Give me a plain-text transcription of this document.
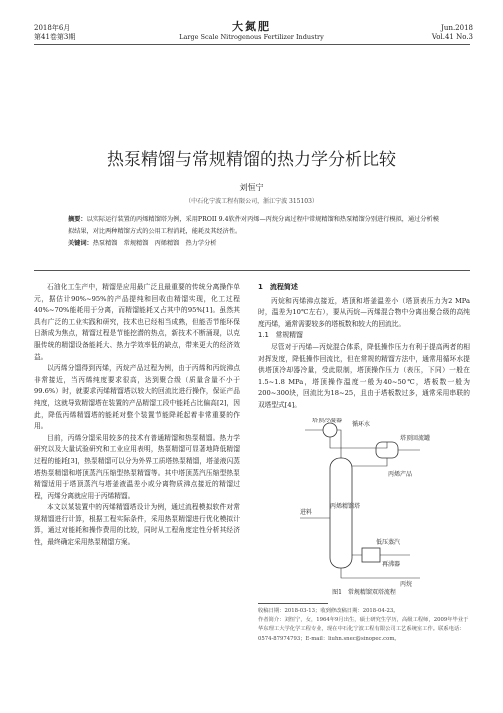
2018年6月
第41卷第3期
大氮肥
Large Scale Nitrogenous Fertilizer Industry
Jun.2018
Vol.41 No.3
热泵精馏与常规精馏的热力学分析比较
刘恒宁
（中石化宁波工程有限公司，浙江宁波 315103）
摘要：以实际运行装置的丙烯精馏塔为例，采用PROII 9.4软件对丙烯—丙烷分离过程中常规精馏和热泵精馏分别进行模拟，通过分析模拟结果，对比两种精馏方式的公用工程消耗，能耗及其经济性。
关键词：热泵精馏　常规精馏　丙烯精馏　热力学分析

石油化工生产中，精馏是应用最广泛且最重要的传统分离操作单元，据估计90%~95%的产品提纯和回收由精馏实现，化工过程40%~70%能耗用于分离，而精馏能耗又占其中的95%[1]。虽然其具有广泛的工业实践和研究，技术也已经相当成熟，但能否节能环保日渐成为焦点，精馏过程是节能挖潜的热点，新技术不断涌现，以克服传统的精馏设备能耗大、热力学效率低的缺点，带来更大的经济效益。

以丙烯分馏得到丙烯，丙烷产品过程为例，由于丙烯和丙烷沸点非常接近，当丙烯纯度要求很高，达到聚合级（质量含量不小于99.6%）时，就要求丙烯精馏塔以较大的回流比进行操作，保证产品纯度，这就导致精馏塔在装置的产品精馏工段中能耗占比偏高[2]，因此，降低丙烯精馏塔的能耗对整个装置节能降耗起着非常重要的作用。

目前，丙烯分馏采用较多的技术有普通精馏和热泵精馏。热力学研究以及大量试验研究和工业应用表明，热泵精馏可显著地降低精馏过程的能耗[3]，热泵精馏可以分为外界工质塔热泵精馏，塔釜液闪蒸塔热泵精馏和塔顶蒸汽压缩型热泵精馏等。其中塔顶蒸汽压缩型热泵精馏适用于塔顶蒸汽与塔釜液温差小或分离物质沸点接近的精馏过程，丙烯分离就应用于丙烯精馏。

本文以某装置中的丙烯精馏塔设计为例，通过流程模拟软件对常规精馏进行计算，根据工程实际条件，采用热泵精馏进行优化模拟计算，通过对能耗和操作费用的比较，同时从工程角度定性分析其经济性，最终确定采用热泵精馏方案。

1　流程简述

丙烷和丙烯沸点接近，塔顶和塔釜温差小（塔顶表压力为2 MPa时，温差为10℃左右），要从丙烷—丙烯混合物中分离出聚合级的高纯度丙烯，通常需要较多的塔板数和较大的回流比。

1.1　常规精馏

尽管对于丙烯—丙烷混合体系，降低操作压力有利于提高两者的相对挥发度，降低操作回流比，但在常规的精馏方法中，通常用循环水提供塔顶冷却器冷量，受此限制，塔顶操作压力（表压，下同）一般在1.5~1.8 MPa，塔顶操作温度一般为40~50℃，塔板数一般为200~300块，回流比为18~25，且由于塔板数过多，通常采用串联的双塔型式[4]。

塔顶冷凝器
循环水
塔顶回流罐
丙烯产品
丙烯精馏塔
进料
低压蒸汽
再沸器
丙烷
图1　常规精馏双塔流程
收稿日期：2018-03-13；收到修改稿日期：2018-04-23。
作者简介：刘恒宁，女，1964年9月出生，硕士研究生学历，高级工程师，2009年毕业于华东理工大学化学工程专业，现在中石化宁波工程有限公司工艺系统室工作。联系电话：0574-87974793；E-mail：liuhn.snec@sinopec.com。
